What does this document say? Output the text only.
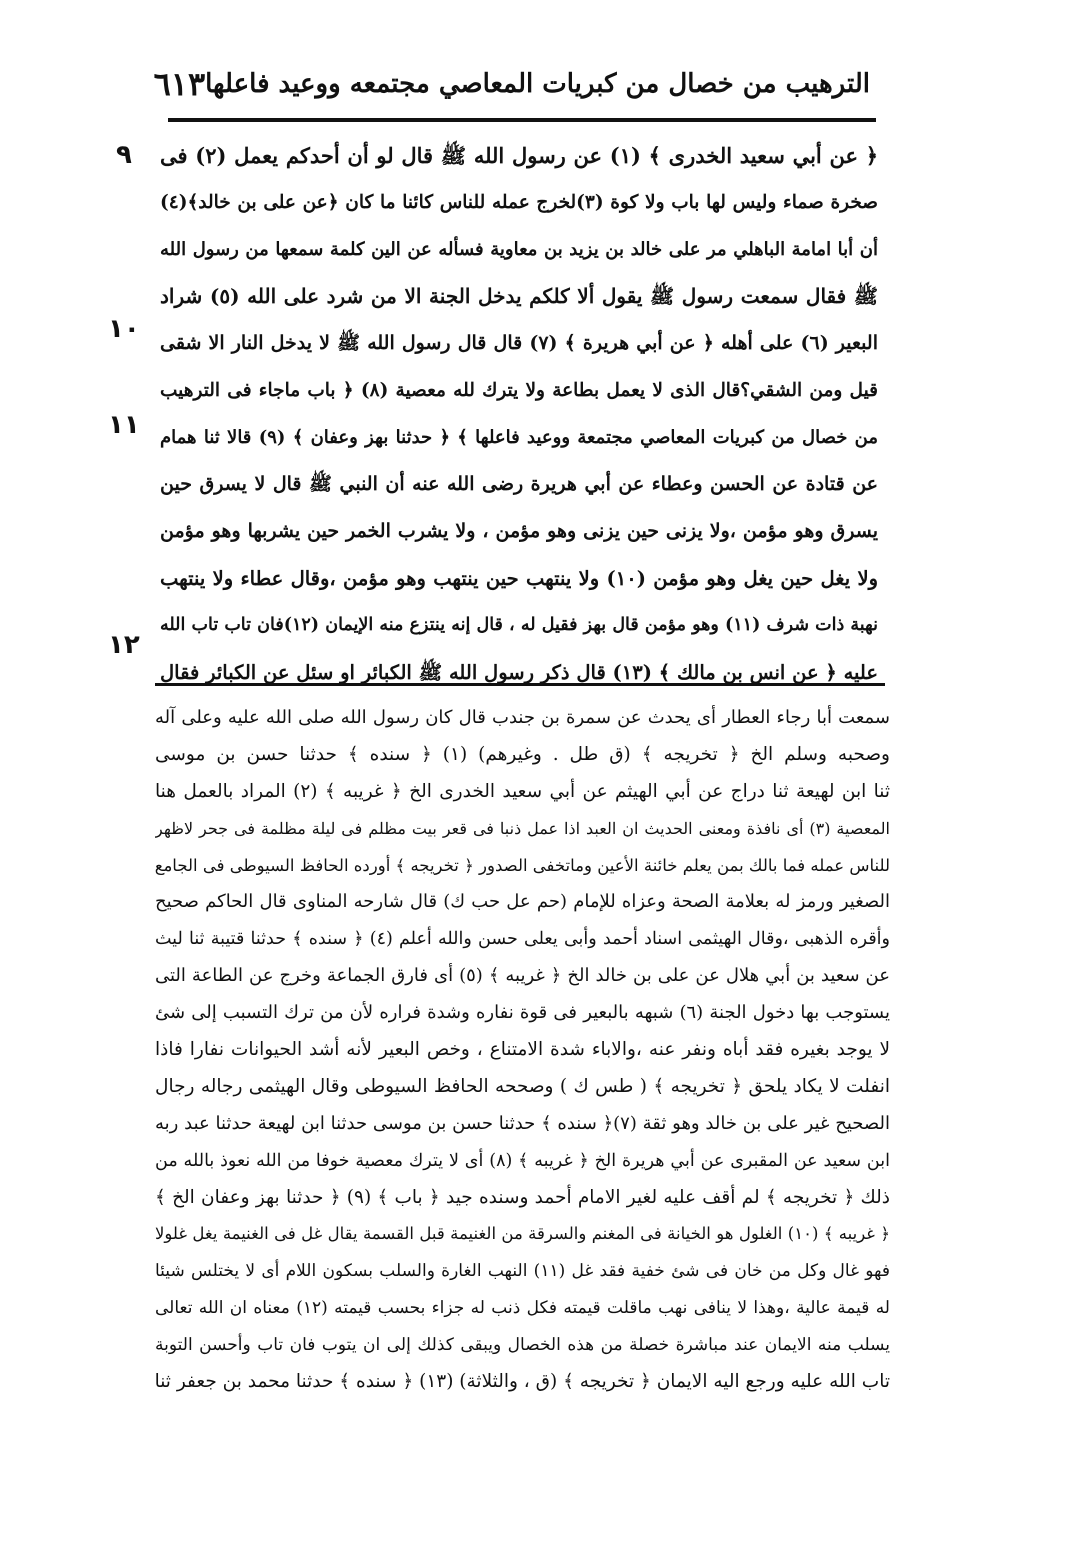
الترهيب من خصال من كبريات المعاصي مجتمعه ووعيد فاعلها
٦١٣
٩
١٠
١١
١٢
﴿ عن أبي سعيد الخدرى ﴾ (١) عن رسول الله ﷺ قال لو أن أحدكم يعمل (٢) فى
صخرة صماء وليس لها باب ولا كوة (٣)لخرج عمله للناس كائنا ما كان ﴿عن على بن خالد﴾(٤)
أن أبا امامة الباهلي مر على خالد بن يزيد بن معاوية فسأله عن الين كلمة سمعها من رسول الله
ﷺ فقال سمعت رسول ﷺ يقول ألا كلكم يدخل الجنة الا من شرد على الله (٥) شراد
البعير (٦) على أهله ﴿ عن أبي هريرة ﴾ (٧) قال قال رسول الله ﷺ لا يدخل النار الا شقى
قيل ومن الشقي؟قال الذى لا يعمل بطاعة ولا يترك لله معصية (٨) ﴿ باب ماجاء فى الترهيب
من خصال من كبريات المعاصي مجتمعة ووعيد فاعلها ﴾ ﴿ حدثنا بهز وعفان ﴾ (٩) قالا ثنا همام
عن قتادة عن الحسن وعطاء عن أبي هريرة رضى الله عنه أن النبي ﷺ قال لا يسرق حين
يسرق وهو مؤمن ،ولا يزنى حين يزنى وهو مؤمن ، ولا يشرب الخمر حين يشربها وهو مؤمن
ولا يغل حين يغل وهو مؤمن (١٠) ولا ينتهب حين ينتهب وهو مؤمن ،وقال عطاء ولا ينتهب
نهبة ذات شرف (١١) وهو مؤمن قال بهز فقيل له ، قال إنه ينتزع منه الإيمان (١٢)فان تاب تاب الله
عليه ﴿ عن انس بن مالك ﴾ (١٣) قال ذكر رسول الله ﷺ الكبائر او سئل عن الكبائر فقال
سمعت أبا رجاء العطار أى يحدث عن سمرة بن جندب قال كان رسول الله صلى الله عليه وعلى آله
وصحبه وسلم الخ ﴿ تخريجه ﴾ (ق طل . وغيرهم) (١) ﴿ سنده ﴾ حدثنا حسن بن موسى
ثنا ابن لهيعة ثنا دراج عن أبي الهيثم عن أبي سعيد الخدرى الخ ﴿ غريبه ﴾ (٢) المراد بالعمل هنا
المعصية (٣) أى نافذة ومعنى الحديث ان العبد اذا عمل ذنبا فى قعر بيت مظلم فى ليلة مظلمة فى جحر لاظهر
للناس عمله فما بالك بمن يعلم خائنة الأعين وماتخفى الصدور ﴿ تخريجه ﴾ أورده الحافظ السيوطى فى الجامع
الصغير ورمز له بعلامة الصحة وعزاه للإمام (حم عل حب ك) قال شارحه المناوى قال الحاكم صحيح
وأقره الذهبى ،وقال الهيثمى اسناد أحمد وأبى يعلى حسن والله أعلم (٤) ﴿ سنده ﴾ حدثنا قتيبة ثنا ليث
عن سعيد بن أبي هلال عن على بن خالد الخ ﴿ غريبه ﴾ (٥) أى فارق الجماعة وخرج عن الطاعة التى
يستوجب بها دخول الجنة (٦) شبهه بالبعير فى قوة نفاره وشدة فراره لأن من ترك التسبب إلى شئ
لا يوجد بغيره فقد أباه ونفر عنه ،والاباء شدة الامتناع ، وخص البعير لأنه أشد الحيوانات نفارا فاذا
انفلت لا يكاد يلحق ﴿ تخريجه ﴾ ( طس ك ) وصححه الحافظ السيوطى وقال الهيثمى رجاله رجال
الصحيح غير على بن خالد وهو ثقة (٧)﴿ سنده ﴾ حدثنا حسن بن موسى حدثنا ابن لهيعة حدثنا عبد ربه
ابن سعيد عن المقبرى عن أبي هريرة الخ ﴿ غريبه ﴾ (٨) أى لا يترك معصية خوفا من الله نعوذ بالله من
ذلك ﴿ تخريجه ﴾ لم أقف عليه لغير الامام أحمد وسنده جيد ﴿ باب ﴾ (٩) ﴿ حدثنا بهز وعفان الخ ﴾
﴿ غريبه ﴾ (١٠) الغلول هو الخيانة فى المغنم والسرقة من الغنيمة قبل القسمة يقال غل فى الغنيمة يغل غلولا
فهو غال وكل من خان فى شئ خفية فقد غل (١١) النهب الغارة والسلب بسكون اللام أى لا يختلس شيئا
له قيمة عالية ،وهذا لا ينافى نهب ماقلت قيمته فكل ذنب له جزاء بحسب قيمته (١٢) معناه ان الله تعالى
يسلب منه الايمان عند مباشرة خصلة من هذه الخصال ويبقى كذلك إلى ان يتوب فان تاب وأحسن التوبة
تاب الله عليه ورجع اليه الايمان ﴿ تخريجه ﴾ (ق ، والثلاثة) (١٣) ﴿ سنده ﴾ حدثنا محمد بن جعفر ثنا
